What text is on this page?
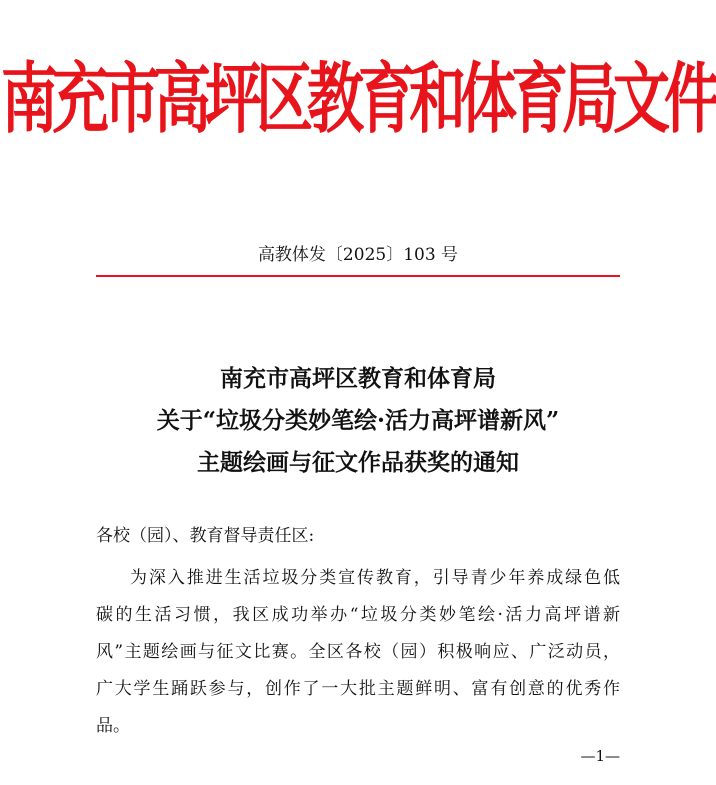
南充市高坪区教育和体育局文件
高教体发〔2025〕103 号
南充市高坪区教育和体育局
关于“垃圾分类妙笔绘·活力高坪谱新风”
主题绘画与征文作品获奖的通知
各校（园）、教育督导责任区:
为深入推进生活垃圾分类宣传教育，引导青少年养成绿色低
碳的生活习惯，我区成功举办“垃圾分类妙笔绘·活力高坪谱新
风”主题绘画与征文比赛。全区各校（园）积极响应、广泛动员，
广大学生踊跃参与，创作了一大批主题鲜明、富有创意的优秀作
品。
—1—
